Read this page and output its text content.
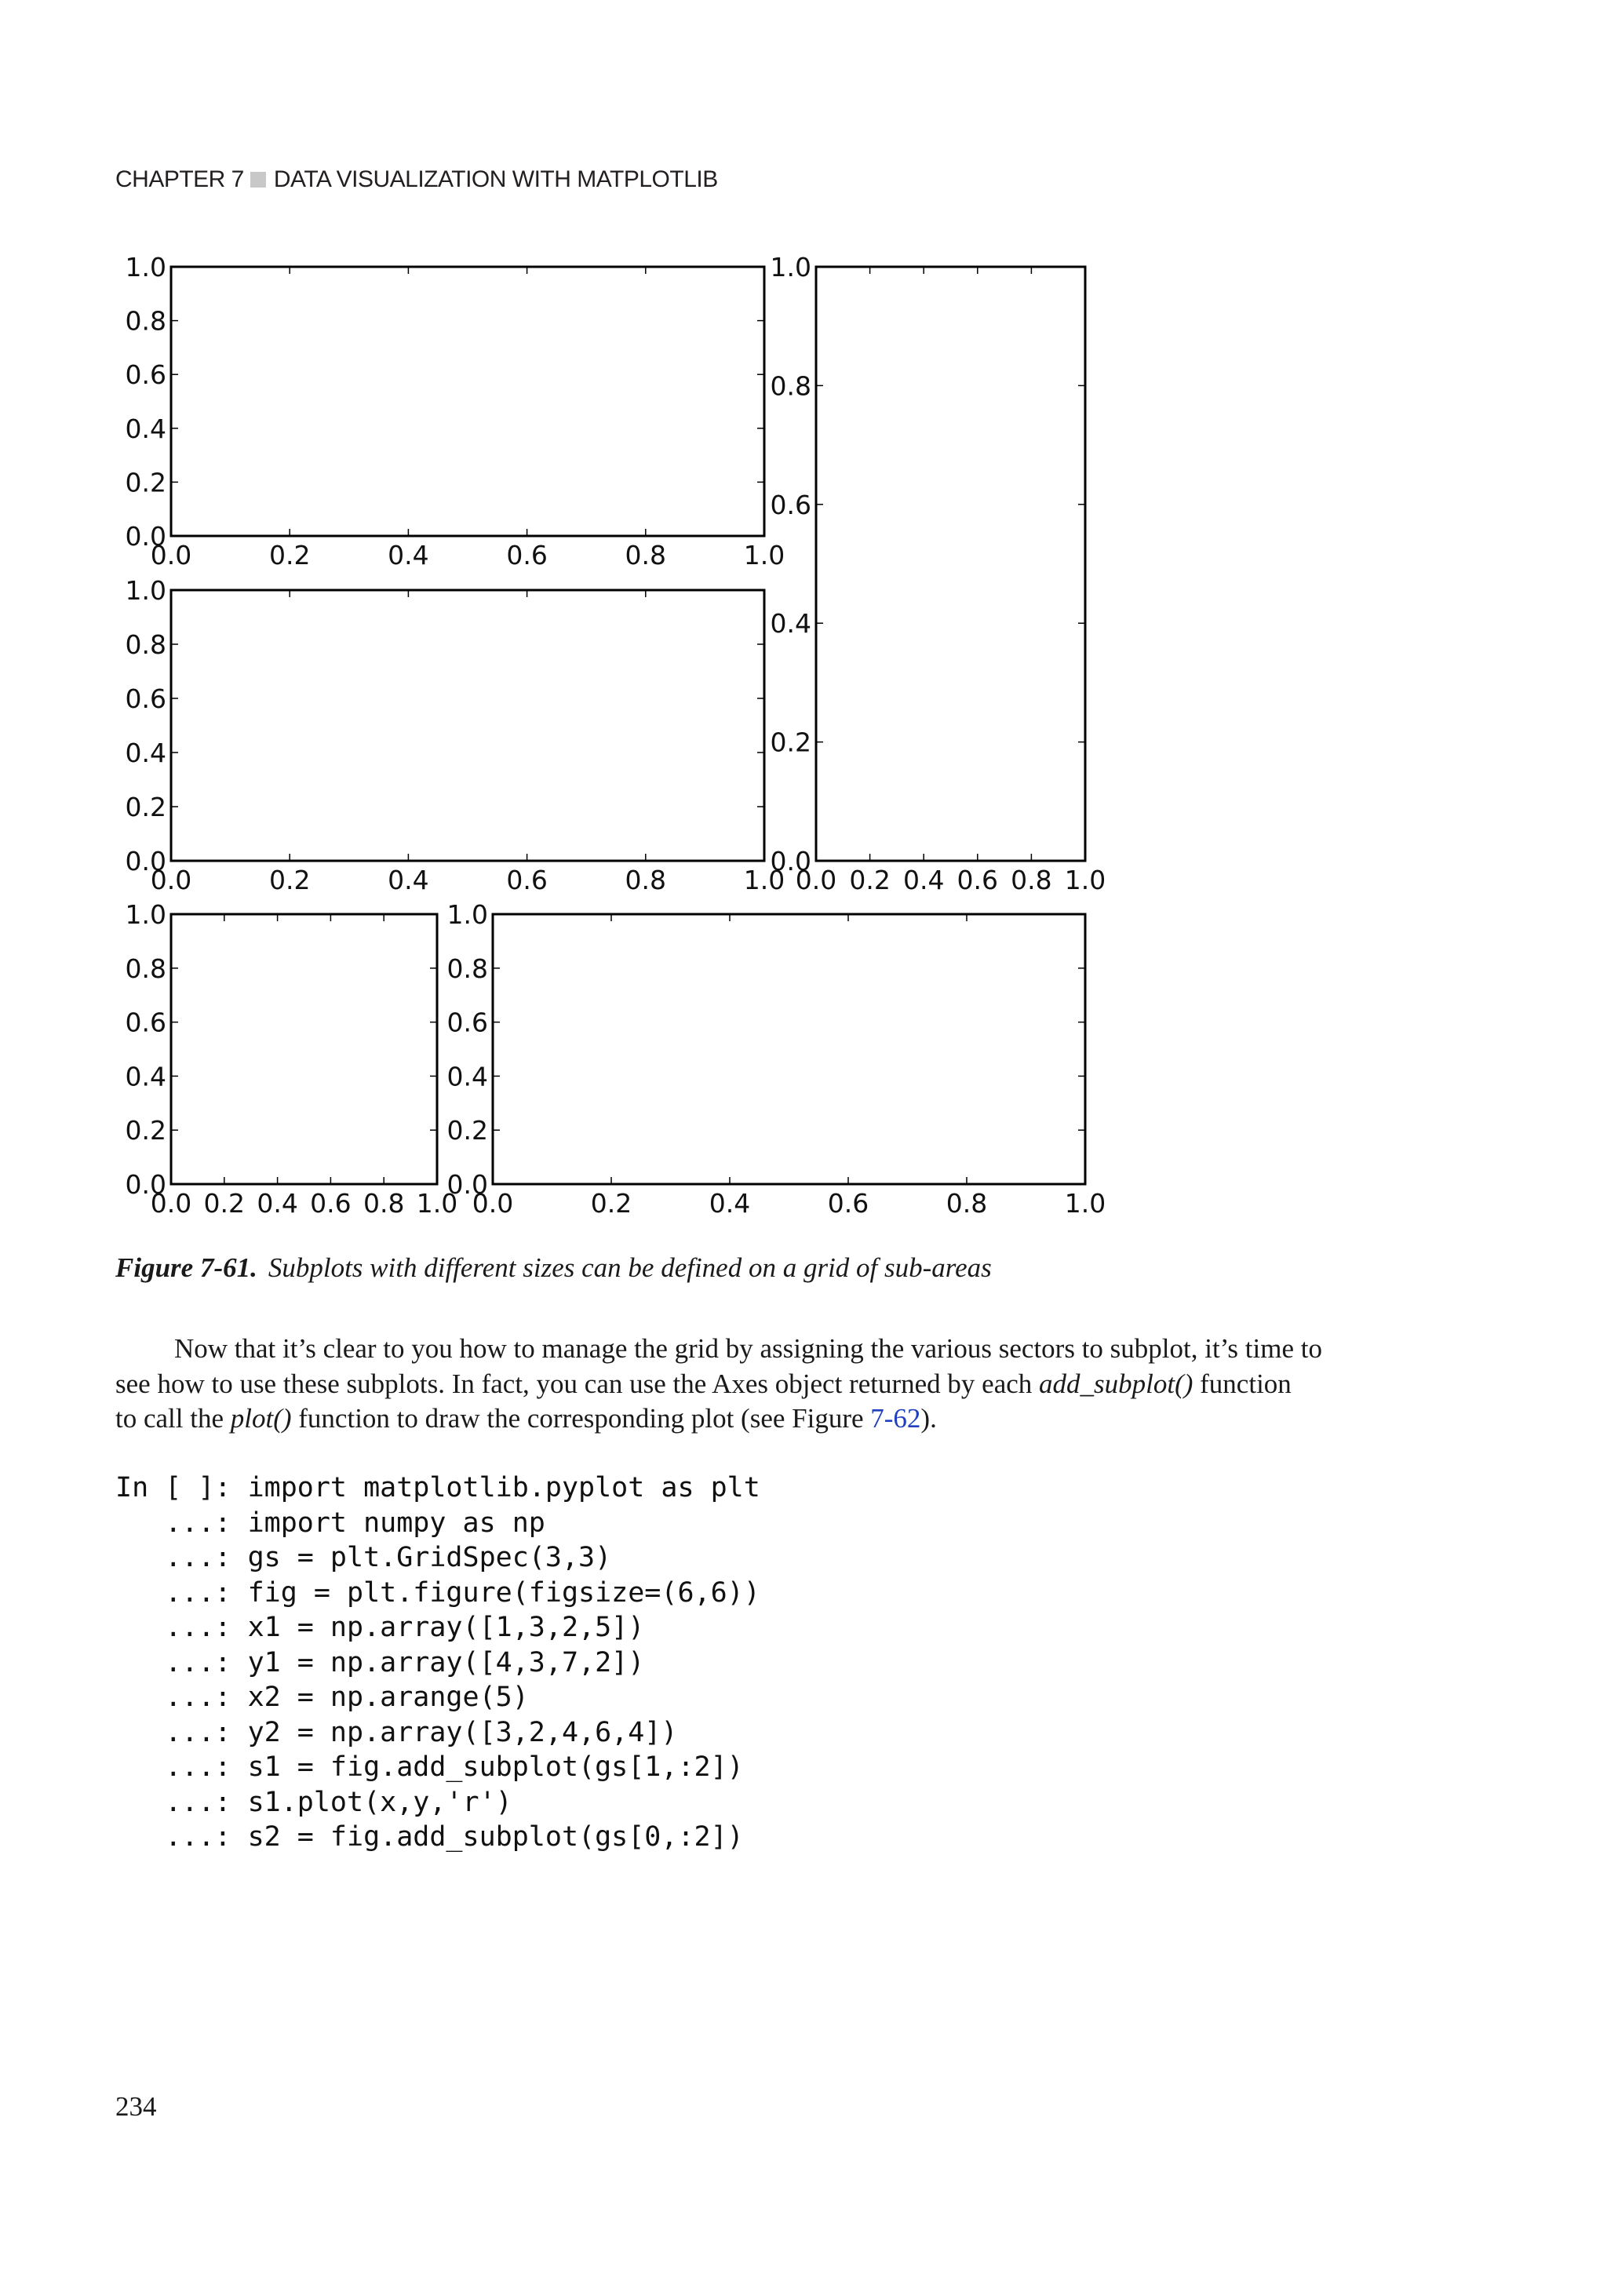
CHAPTER 7 DATA VISUALIZATION WITH MATPLOTLIB
0.0	0.2	0.4	0.6	0.8	1.0
0.0
0.2
0.4
0.6
0.8
1.0
0.0	0.2	0.4	0.6	0.8	1.0
0.0
0.2
0.4
0.6
0.8
1.0
0.0 0.2 0.4 0.6 0.8 1.0
0.0
0.2
0.4
0.6
0.8
1.0
0.0 0.2 0.4 0.6 0.8 1.0
0.0
0.2
0.4
0.6
0.8
1.0
0.0	0.2	0.4	0.6	0.8	1.0
0.0
0.2
0.4
0.6
0.8
1.0
Figure 7-61. Subplots with different sizes can be defined on a grid of sub-areas
Now that it’s clear to you how to manage the grid by assigning the various sectors to subplot, it’s time to
see how to use these subplots. In fact, you can use the Axes object returned by each add_subplot() function
to call the plot() function to draw the corresponding plot (see Figure 7-62).
In [ ]: import matplotlib.pyplot as plt
...: import numpy as np
...: gs = plt.GridSpec(3,3)
...: fig = plt.figure(figsize=(6,6))
...: x1 = np.array([1,3,2,5])
...: y1 = np.array([4,3,7,2])
...: x2 = np.arange(5)
...: y2 = np.array([3,2,4,6,4])
...: s1 = fig.add_subplot(gs[1,:2])
...: s1.plot(x,y,'r')
...: s2 = fig.add_subplot(gs[0,:2])
234
